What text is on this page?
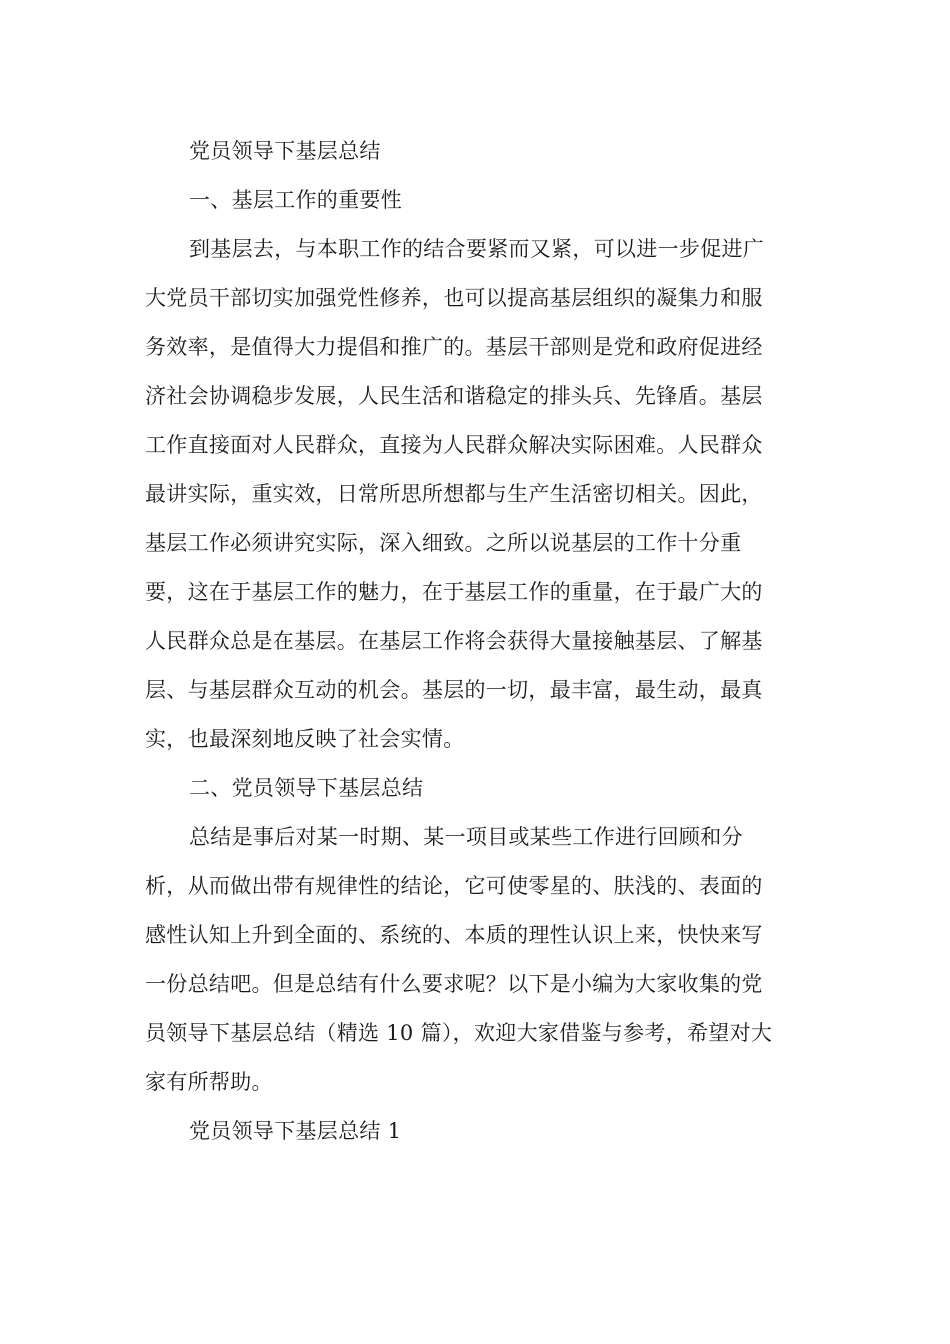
党员领导下基层总结
一、基层工作的重要性
到基层去，与本职工作的结合要紧而又紧，可以进一步促进广
大党员干部切实加强党性修养，也可以提高基层组织的凝集力和服
务效率，是值得大力提倡和推广的。基层干部则是党和政府促进经
济社会协调稳步发展，人民生活和谐稳定的排头兵、先锋盾。基层
工作直接面对人民群众，直接为人民群众解决实际困难。人民群众
最讲实际，重实效，日常所思所想都与生产生活密切相关。因此，
基层工作必须讲究实际，深入细致。之所以说基层的工作十分重
要，这在于基层工作的魅力，在于基层工作的重量，在于最广大的
人民群众总是在基层。在基层工作将会获得大量接触基层、了解基
层、与基层群众互动的机会。基层的一切，最丰富，最生动，最真
实，也最深刻地反映了社会实情。
二、党员领导下基层总结
总结是事后对某一时期、某一项目或某些工作进行回顾和分
析，从而做出带有规律性的结论，它可使零星的、肤浅的、表面的
感性认知上升到全面的、系统的、本质的理性认识上来，快快来写
一份总结吧。但是总结有什么要求呢？以下是小编为大家收集的党
员领导下基层总结（精选 10 篇），欢迎大家借鉴与参考，希望对大
家有所帮助。
党员领导下基层总结 1
